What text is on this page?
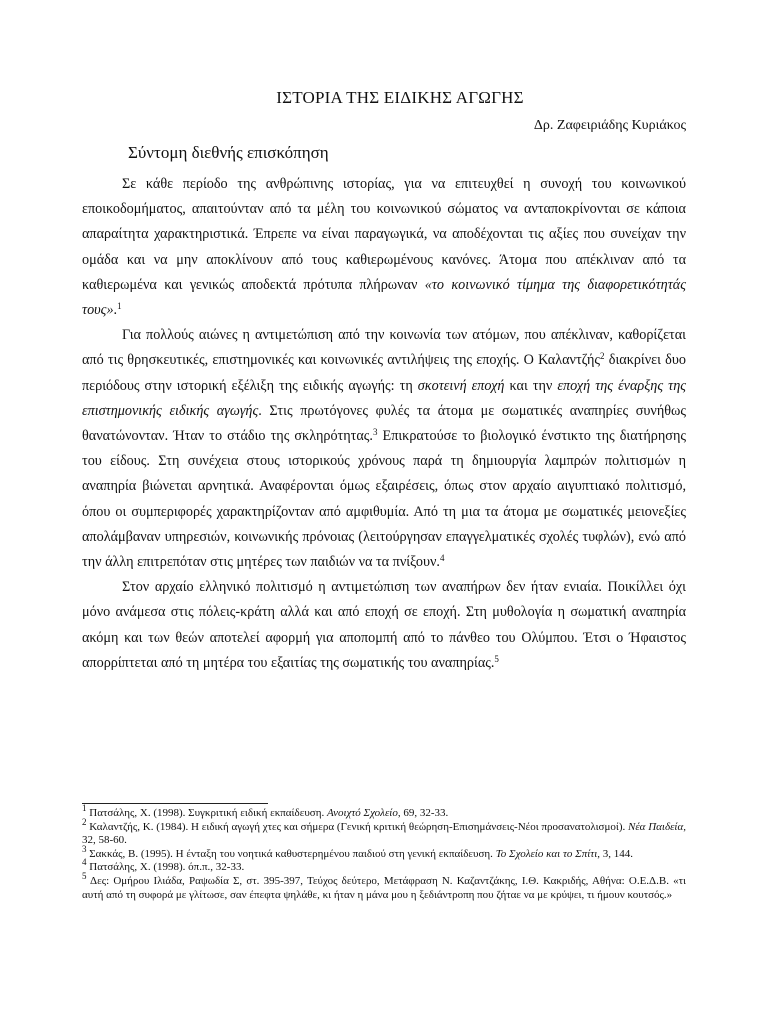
ΙΣΤΟΡΙΑ ΤΗΣ ΕΙΔΙΚΗΣ ΑΓΩΓΗΣ
Δρ. Ζαφειριάδης Κυριάκος
Σύντομη διεθνής επισκόπηση

Σε κάθε περίοδο της ανθρώπινης ιστορίας, για να επιτευχθεί η συνοχή του κοινωνικού εποικοδομήματος, απαιτούνταν από τα μέλη του κοινωνικού σώματος να ανταποκρίνονται σε κάποια απαραίτητα χαρακτηριστικά. Έπρεπε να είναι παραγωγικά, να αποδέχονται τις αξίες που συνείχαν την ομάδα και να μην αποκλίνουν από τους καθιερωμένους κανόνες. Άτομα που απέκλιναν από τα καθιερωμένα και γενικώς αποδεκτά πρότυπα πλήρωναν «το κοινωνικό τίμημα της διαφορετικότητάς τους».$^1$

Για πολλούς αιώνες η αντιμετώπιση από την κοινωνία των ατόμων, που απέκλιναν, καθορίζεται από τις θρησκευτικές, επιστημονικές και κοινωνικές αντιλήψεις της εποχής. Ο Καλαντζής$^2$ διακρίνει δυο περιόδους στην ιστορική εξέλιξη της ειδικής αγωγής: τη σκοτεινή εποχή και την εποχή της έναρξης της επιστημονικής ειδικής αγωγής. Στις πρωτόγονες φυλές τα άτομα με σωματικές αναπηρίες συνήθως θανατώνονταν. Ήταν το στάδιο της σκληρότητας.$^3$ Επικρατούσε το βιολογικό ένστικτο της διατήρησης του είδους. Στη συνέχεια στους ιστορικούς χρόνους παρά τη δημιουργία λαμπρών πολιτισμών η αναπηρία βιώνεται αρνητικά. Αναφέρονται όμως εξαιρέσεις, όπως στον αρχαίο αιγυπτιακό πολιτισμό, όπου οι συμπεριφορές χαρακτηρίζονταν από αμφιθυμία. Από τη μια τα άτομα με σωματικές μειονεξίες απολάμβαναν υπηρεσιών, κοινωνικής πρόνοιας (λειτούργησαν επαγγελματικές σχολές τυφλών), ενώ από την άλλη επιτρεπόταν στις μητέρες των παιδιών να τα πνίξουν.$^4$

Στον αρχαίο ελληνικό πολιτισμό η αντιμετώπιση των αναπήρων δεν ήταν ενιαία. Ποικίλλει όχι μόνο ανάμεσα στις πόλεις-κράτη αλλά και από εποχή σε εποχή. Στη μυθολογία η σωματική αναπηρία ακόμη και των θεών αποτελεί αφορμή για αποπομπή από το πάνθεο του Ολύμπου. Έτσι ο Ήφαιστος απορρίπτεται από τη μητέρα του εξαιτίας της σωματικής του αναπηρίας.$^5$

$^1$ Πατσάλης, Χ. (1998). Συγκριτική ειδική εκπαίδευση. Ανοιχτό Σχολείο, 69, 32-33.
$^2$ Καλαντζής, Κ. (1984). Η ειδική αγωγή χτες και σήμερα (Γενική κριτική θεώρηση-Επισημάνσεις-Νέοι προσανατολισμοί). Νέα Παιδεία, 32, 58-60.
$^3$ Σακκάς, Β. (1995). Η ένταξη του νοητικά καθυστερημένου παιδιού στη γενική εκπαίδευση. Το Σχολείο και το Σπίτι, 3, 144.
$^4$ Πατσάλης, Χ. (1998). όπ.π., 32-33.
$^5$ Δες: Ομήρου Ιλιάδα, Ραψωδία Σ, στ. 395-397, Τεύχος δεύτερο, Μετάφραση Ν. Καζαντζάκης, Ι.Θ. Κακριδής, Αθήνα: Ο.Ε.Δ.Β. «τι αυτή από τη συφορά με γλίτωσε, σαν έπεφτα ψηλάθε, κι ήταν η μάνα μου η ξεδιάντροπη που ζήταε να με κρύψει, τι ήμουν κουτσός.»
